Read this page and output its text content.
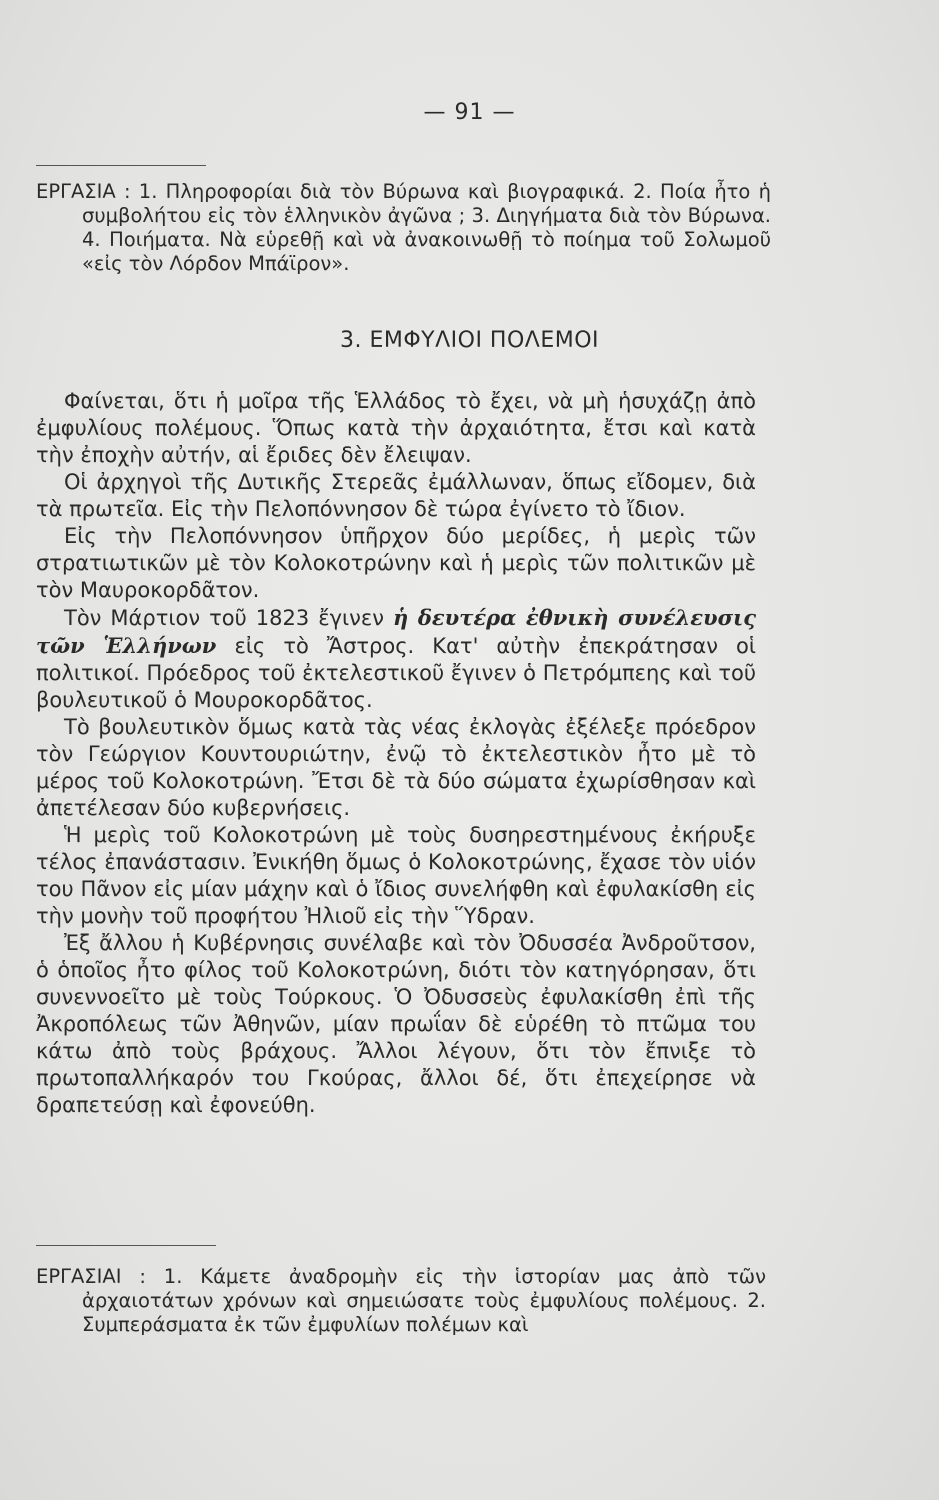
— 91 —

ΕΡΓΑΣΙΑ : 1. Πληροφορίαι διὰ τὸν Βύρωνα καὶ βιογραφικά. 2. Ποία ἦτο ἡ συμβολήτου εἰς τὸν ἑλληνικὸν ἀγῶνα ; 3. Διηγήματα διὰ τὸν Βύρωνα. 4. Ποιήματα. Νὰ εὑρεθῇ καὶ νὰ ἀνακοινωθῇ τὸ ποίημα τοῦ Σολωμοῦ «εἰς τὸν Λόρδον Μπάϊρον».

3. ΕΜΦΥΛΙΟΙ ΠΟΛΕΜΟΙ

Φαίνεται, ὅτι ἡ μοῖρα τῆς Ἑλλάδος τὸ ἔχει, νὰ μὴ ἡσυχάζῃ ἀπὸ ἐμφυλίους πολέμους. Ὅπως κατὰ τὴν ἀρχαιότητα, ἔτσι καὶ κατὰ τὴν ἐποχὴν αὐτήν, αἱ ἔριδες δὲν ἔλειψαν.

Οἱ ἀρχηγοὶ τῆς Δυτικῆς Στερεᾶς ἐμάλλωναν, ὅπως εἴδομεν, διὰ τὰ πρωτεῖα. Εἰς τὴν Πελοπόννησον δὲ τώρα ἐγίνετο τὸ ἴδιον.

Εἰς τὴν Πελοπόννησον ὑπῆρχον δύο μερίδες, ἡ μερὶς τῶν στρατιωτικῶν μὲ τὸν Κολοκοτρώνην καὶ ἡ μερὶς τῶν πολιτικῶν μὲ τὸν Μαυροκορδᾶτον.

Τὸν Μάρτιον τοῦ 1823 ἔγινεν ἡ δευτέρα ἐθνικὴ συνέλευσις τῶν Ἑλλήνων εἰς τὸ Ἄστρος. Κατ' αὐτὴν ἐπεκράτησαν οἱ πολιτικοί. Πρόεδρος τοῦ ἐκτελεστικοῦ ἔγινεν ὁ Πετρόμπεης καὶ τοῦ βουλευτικοῦ ὁ Μουροκορδᾶτος.

Τὸ βουλευτικὸν ὅμως κατὰ τὰς νέας ἐκλογὰς ἐξέλεξε πρόεδρον τὸν Γεώργιον Κουντουριώτην, ἐνῷ τὸ ἐκτελεστικὸν ἦτο μὲ τὸ μέρος τοῦ Κολοκοτρώνη. Ἔτσι δὲ τὰ δύο σώματα ἐχωρίσθησαν καὶ ἀπετέλεσαν δύο κυβερνήσεις.

Ἡ μερὶς τοῦ Κολοκοτρώνη μὲ τοὺς δυσηρεστημένους ἐκήρυξε τέλος ἐπανάστασιν. Ἐνικήθη ὅμως ὁ Κολοκοτρώνης, ἔχασε τὸν υἱόν του Πᾶνον εἰς μίαν μάχην καὶ ὁ ἴδιος συνελήφθη καὶ ἐφυλακίσθη εἰς τὴν μονὴν τοῦ προφήτου Ἠλιοῦ εἰς τὴν Ὕδραν.

Ἐξ ἄλλου ἡ Κυβέρνησις συνέλαβε καὶ τὸν Ὀδυσσέα Ἀνδροῦτσον, ὁ ὁποῖος ἦτο φίλος τοῦ Κολοκοτρώνη, διότι τὸν κατηγόρησαν, ὅτι συνεννοεῖτο μὲ τοὺς Τούρκους. Ὁ Ὀδυσσεὺς ἐφυλακίσθη ἐπὶ τῆς Ἀκροπόλεως τῶν Ἀθηνῶν, μίαν πρωΐαν δὲ εὑρέθη τὸ πτῶμα του κάτω ἀπὸ τοὺς βράχους. Ἄλλοι λέγουν, ὅτι τὸν ἔπνιξε τὸ πρωτοπαλλήκαρόν του Γκούρας, ἄλλοι δέ, ὅτι ἐπεχείρησε νὰ δραπετεύσῃ καὶ ἐφονεύθη.

ΕΡΓΑΣΙΑΙ : 1. Κάμετε ἀναδρομὴν εἰς τὴν ἱστορίαν μας ἀπὸ τῶν ἀρχαιοτάτων χρόνων καὶ σημειώσατε τοὺς ἐμφυλίους πολέμους. 2. Συμπεράσματα ἐκ τῶν ἐμφυλίων πολέμων καὶ
